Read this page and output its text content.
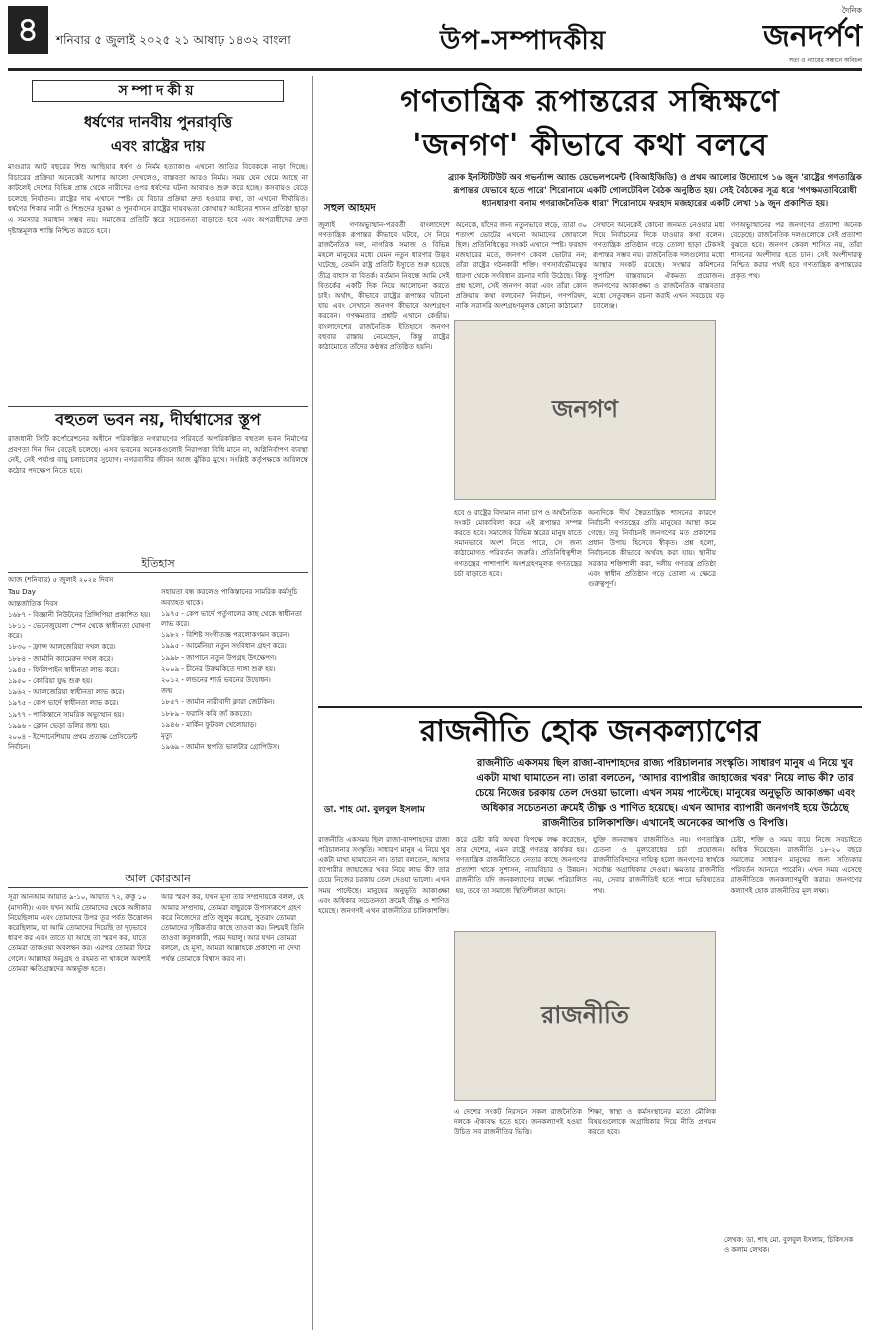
৪	শনিবার ৫ জুলাই ২০২৫ ২১ আষাঢ় ১৪৩২ বাংলা	উপ-সম্পাদকীয়
দৈনিক
জনদর্পণ
সত্য ও ন্যায়ের সন্ধানে অবিচল
সম্পাদকীয়
ধর্ষণের দানবীয় পুনরাবৃত্তি
এবং রাষ্ট্রের দায়
মাগুরার আট বছরের শিশু আছিয়ার ধর্ষণ ও নির্মম হত্যাকাণ্ড এখনো জাতির বিবেককে নাড়া দিচ্ছে। বিচারের প্রক্রিয়া অনেকেই আশার আলো দেখলেও, বাস্তবতা আরও নির্মম। সময় যেন থেমে আছে না কাটলেই দেশের বিভিন্ন প্রান্ত থেকে নারীদের ওপর ধর্ষণের ঘটনা আবারও শুরু করে হচ্ছে। কসবায়ও বেড়ে চলেছে নির্যাতন। রাষ্ট্রের দায় এখানে স্পষ্ট। যে বিচার প্রক্রিয়া দ্রুত হওয়ার কথা, তা এখনো দীর্ঘায়িত। ধর্ষণের শিকার নারী ও শিশুদের সুরক্ষা ও পুনর্বাসনে রাষ্ট্রের দায়বদ্ধতা কোথায়? আইনের শাসন প্রতিষ্ঠা ছাড়া এ সমস্যার সমাধান সম্ভব নয়। সমাজের প্রতিটি স্তরে সচেতনতা বাড়াতে হবে এবং অপরাধীদের দ্রুত দৃষ্টান্তমূলক শাস্তি নিশ্চিত করতে হবে।
বহুতল ভবন নয়, দীর্ঘশ্বাসের স্তূপ
রাজধানী সিটি কর্পোরেশনের অধীনে পরিকল্পিত নগরায়ণের পরিবর্তে অপরিকল্পিত বহুতল ভবন নির্মাণের প্রবণতা দিন দিন বেড়েই চলেছে। এসব ভবনের অনেকগুলোই নিরাপত্তা বিধি মানে না, অগ্নিনির্বাপণ ব্যবস্থা নেই, নেই পর্যাপ্ত বায়ু চলাচলের সুযোগ। নগরবাসীর জীবন আজ ঝুঁকির মুখে। সংশ্লিষ্ট কর্তৃপক্ষকে অবিলম্বে কঠোর পদক্ষেপ নিতে হবে।
ইতিহাস
আজ (শনিবার) ৫ জুলাই ২০২৫ দিবস
Tau Day
আন্তর্জাতিক দিবস
১৬৮৭ - বিজ্ঞানী নিউটনের প্রিন্সিপিয়া প্রকাশিত হয়।
১৮১১ - ভেনেজুয়েলা স্পেন থেকে স্বাধীনতা ঘোষণা করে।
১৮৩০ - ফ্রান্স আলজেরিয়া দখল করে।
১৮৮৪ - জার্মানি ক্যামেরুন দখল করে।
১৯৪৫ - ফিলিপাইন স্বাধীনতা লাভ করে।
১৯৫০ - কোরিয়া যুদ্ধ শুরু হয়।
১৯৬২ - আলজেরিয়া স্বাধীনতা লাভ করে।
১৯৭৫ - কেপ ভার্দে স্বাধীনতা লাভ করে।
১৯৭৭ - পাকিস্তানে সামরিক অভ্যুত্থান হয়।
১৯৯৬ - ক্লোন ভেড়া ডলির জন্ম হয়।
২০০৪ - ইন্দোনেশিয়ায় প্রথম প্রত্যক্ষ প্রেসিডেন্ট নির্বাচন।
সহায়তা বন্ধ করলেও পাকিস্তানের সামরিক কর্মসূচি অব্যাহত থাকে।
১৯৭৫ - কেপ ভার্দে পর্তুগালের কাছ থেকে স্বাধীনতা লাভ করে।
১৯৮২ - বিশিষ্ট সংগীতজ্ঞ পরলোকগমন করেন।
১৯৯৫ - আর্মেনিয়া নতুন সংবিধান গ্রহণ করে।
১৯৯৮ - জাপানে নতুন উপগ্রহ উৎক্ষেপণ।
২০০৯ - চীনের উরুমকিতে দাঙ্গা শুরু হয়।
২০১২ - লন্ডনের শার্ড ভবনের উদ্বোধন।
জন্ম
১৮৫৭ - জার্মান নারীবাদী ক্লারা জেটকিন।
১৮৮৯ - ফরাসি কবি জ্যঁ ককতো।
১৯৪৬ - মার্কিন ফুটবল খেলোয়াড়।
মৃত্যু
১৯৬৯ - জার্মান স্থপতি ভালটার গ্রোপিউস।
আল কোরআন
সূরা আনআম আয়াত ৯-১০, আয়াত ৭২, রুকু ১০ (মাদানী)। এবং যখন আমি তোমাদের থেকে অঙ্গীকার নিয়েছিলাম এবং তোমাদের উপর তূর পর্বত উত্তোলন করেছিলাম, যা আমি তোমাদের দিয়েছি তা দৃঢ়ভাবে ধারণ কর এবং তাতে যা আছে তা স্মরণ কর, যাতে তোমরা তাকওয়া অবলম্বন কর। এরপর তোমরা ফিরে গেলে। আল্লাহর অনুগ্রহ ও রহমত না থাকলে অবশ্যই তোমরা ক্ষতিগ্রস্তদের অন্তর্ভুক্ত হতে।
আর স্মরণ কর, যখন মূসা তার সম্প্রদায়কে বলল, হে আমার সম্প্রদায়, তোমরা বাছুরকে উপাস্যরূপে গ্রহণ করে নিজেদের প্রতি জুলুম করেছ, সুতরাং তোমরা তোমাদের সৃষ্টিকর্তার কাছে তাওবা কর। নিশ্চয়ই তিনি তাওবা কবুলকারী, পরম দয়ালু। আর যখন তোমরা বললে, হে মূসা, আমরা আল্লাহকে প্রকাশ্যে না দেখা পর্যন্ত তোমাকে বিশ্বাস করব না।
গণতান্ত্রিক রূপান্তরের সন্ধিক্ষণে
'জনগণ' কীভাবে কথা বলবে
সহুল আহমদ
ব্র্যাক ইনস্টিটিউট অব গভর্ন্যান্স অ্যান্ড ডেভেলপমেন্ট (বিআইজিডি) ও প্রথম আলোর উদ্যোগে ১৬ জুন 'রাষ্ট্রের গণতান্ত্রিক রূপান্তর যেভাবে হতে পারে' শিরোনামে একটি গোলটেবিল বৈঠক অনুষ্ঠিত হয়। সেই বৈঠকের সূত্র ধরে 'গণক্ষমতাবিরোধী ধ্যানধারণা বনাম গণরাজনৈতিক ধারা' শিরোনামে ফরহাদ মজহারের একটি লেখা ১৯ জুন প্রকাশিত হয়।
জুলাই গণঅভ্যুত্থান-পরবর্তী বাংলাদেশে গণতান্ত্রিক রূপান্তর কীভাবে ঘটবে, সে নিয়ে রাজনৈতিক দল, নাগরিক সমাজ ও বিভিন্ন মহলে মানুষের মধ্যে যেমন নতুন ধারণার উদ্ভব ঘটেছে, তেমনি রাষ্ট্র প্রতিটি ইস্যুতে শুরু হয়েছে তীব্র বাহাস বা বিতর্ক। বর্তমান নিবন্ধে আমি সেই বিতর্কের একটি দিক নিয়ে আলোচনা করতে চাই। অর্থাৎ, কীভাবে রাষ্ট্রের রূপান্তর ঘটানো যায় এবং সেখানে জনগণ কীভাবে অংশগ্রহণ করবেন। গণক্ষমতার প্রশ্নটি এখানে কেন্দ্রীয়। বাংলাদেশের রাজনৈতিক ইতিহাসে জনগণ বহুবার রাস্তায় নেমেছেন, কিন্তু রাষ্ট্রের কাঠামোতে তাঁদের কণ্ঠস্বর প্রতিষ্ঠিত হয়নি।
অনেকে, যাঁদের জন্য নতুনভাবে লড়ে, তারা ৩০ শতাংশ ভোটের এখনো আমাদের জোয়ালে ছিল। প্রতিনিধিত্বের সংকট এখানে স্পষ্ট। ফরহাদ মজহারের মতে, জনগণ কেবল ভোটার নন; তাঁরা রাষ্ট্রের গঠনকারী শক্তি। গণসার্বভৌমত্বের ধারণা থেকে সংবিধান রচনার দাবি উঠেছে। কিন্তু প্রশ্ন হলো, সেই জনগণ কারা এবং তাঁরা কোন প্রক্রিয়ায় কথা বলবেন? নির্বাচন, গণপরিষদ, নাকি সরাসরি অংশগ্রহণমূলক কোনো কাঠামো?
সেখানে অনেকেই কোনো জনমত নেওয়ার মধ্য দিয়ে নির্বাচনের দিকে যাওয়ার কথা বলেন। গণতান্ত্রিক প্রতিষ্ঠান গড়ে তোলা ছাড়া টেকসই রূপান্তর সম্ভব নয়। রাজনৈতিক দলগুলোর মধ্যে আস্থার সংকট রয়েছে। সংস্কার কমিশনের সুপারিশ বাস্তবায়নে ঐকমত্য প্রয়োজন। জনগণের আকাঙ্ক্ষা ও রাজনৈতিক বাস্তবতার মধ্যে সেতুবন্ধন রচনা করাই এখন সবচেয়ে বড় চ্যালেঞ্জ।
গণঅভ্যুত্থানের পর জনগণের প্রত্যাশা অনেক বেড়েছে। রাজনৈতিক দলগুলোকে সেই প্রত্যাশা বুঝতে হবে। জনগণ কেবল শাসিত নয়, তাঁরা শাসনের অংশীদার হতে চান। সেই অংশীদারত্ব নিশ্চিত করার পথই হবে গণতান্ত্রিক রূপান্তরের প্রকৃত পথ।
জনগণ
হবে ও রাষ্ট্রের বিদ্যমান নানা চাপ ও অর্থনৈতিক সংকট মোকাবিলা করে এই রূপান্তর সম্পন্ন করতে হবে। সমাজের বিভিন্ন স্তরের মানুষ যাতে সমানভাবে অংশ নিতে পারে, সে জন্য কাঠামোগত পরিবর্তন জরুরি। প্রতিনিধিত্বশীল গণতন্ত্রের পাশাপাশি অংশগ্রহণমূলক গণতন্ত্রের চর্চা বাড়াতে হবে।
অন্যদিকে দীর্ঘ স্বৈরতান্ত্রিক শাসনের কারণে নির্বাচনী গণতন্ত্রের প্রতি মানুষের আস্থা কমে গেছে। তবু নির্বাচনই জনগণের মত প্রকাশের প্রধান উপায় হিসেবে স্বীকৃত। প্রশ্ন হলো, নির্বাচনকে কীভাবে অর্থবহ করা যায়। স্থানীয় সরকার শক্তিশালী করা, দলীয় গণতন্ত্র প্রতিষ্ঠা এবং স্বাধীন প্রতিষ্ঠান গড়ে তোলা এ ক্ষেত্রে গুরুত্বপূর্ণ।
রাজনীতি হোক জনকল্যাণের
ডা. শাহ মো. বুলবুল ইসলাম
রাজনীতি একসময় ছিল রাজা-বাদশাহদের রাজ্য পরিচালনার সংস্কৃতি। সাধারণ মানুষ এ নিয়ে খুব একটা মাথা ঘামাতেন না। তারা বলতেন, 'আদার ব্যাপারীর জাহাজের খবর' নিয়ে লাভ কী? তার চেয়ে নিজের চরকায় তেল দেওয়া ভালো। এখন সময় পাল্টেছে। মানুষের অনুভূতি আকাঙ্ক্ষা এবং অধিকার সচেতনতা ক্রমেই তীক্ষ্ণ ও শাণিত হয়েছে। এখন আদার ব্যাপারী জনগণই হয়ে উঠেছে রাজনীতির চালিকাশক্তি। এখানেই অনেকের আপত্তি ও বিপত্তি।
রাজনীতি একসময় ছিল রাজা-বাদশাহদের রাজ্য পরিচালনার সংস্কৃতি। সাধারণ মানুষ এ নিয়ে খুব একটা মাথা ঘামাতেন না। তারা বলতেন, আদার ব্যাপারীর জাহাজের খবর নিয়ে লাভ কী? তার চেয়ে নিজের চরকায় তেল দেওয়া ভালো। এখন সময় পাল্টেছে। মানুষের অনুভূতি আকাঙ্ক্ষা এবং অধিকার সচেতনতা ক্রমেই তীক্ষ্ণ ও শাণিত হয়েছে। জনগণই এখন রাজনীতির চালিকাশক্তি।
করে চেষ্টা করি অথবা বিপক্ষে লক্ষ করেছেন, তার দেশের, এমন রাষ্ট্রে গণতন্ত্র কার্যকর হয়। গণতান্ত্রিক রাজনীতিতে নেতার কাছে জনগণের প্রত্যাশা থাকে সুশাসন, ন্যায়বিচার ও উন্নয়ন। রাজনীতি যদি জনকল্যাণের লক্ষ্যে পরিচালিত হয়, তবে তা সমাজে স্থিতিশীলতা আনে।
যুক্তি জনবান্ধব রাজনীতিও নয়। গণতান্ত্রিক চেতনা ও মূল্যবোধের চর্চা প্রয়োজন। রাজনীতিবিদদের দায়িত্ব হলো জনগণের স্বার্থকে সর্বোচ্চ অগ্রাধিকার দেওয়া। ক্ষমতার রাজনীতি নয়, সেবার রাজনীতিই হতে পারে ভবিষ্যতের পথ।
চেষ্টা, শক্তি ও সময় ব্যয়ে নিজে সবচাইতে অধিক দিয়েছেন। রাজনীতি ১৮-২০ বছরে সমাজের সাধারণ মানুষের জন্য সত্যিকার পরিবর্তন আনতে পারেনি। এখন সময় এসেছে রাজনীতিকে জনকল্যাণমুখী করার। জনগণের কল্যাণই হোক রাজনীতির মূল লক্ষ্য।
রাজনীতি
এ দেশের সংকট নিরসনে সকল রাজনৈতিক দলকে ঐক্যবদ্ধ হতে হবে। জনকল্যাণই হওয়া উচিত সব রাজনীতির ভিত্তি।
শিক্ষা, স্বাস্থ্য ও কর্মসংস্থানের মতো মৌলিক বিষয়গুলোকে অগ্রাধিকার দিয়ে নীতি প্রণয়ন করতে হবে।
লেখক: ডা. শাহ মো. বুলবুল ইসলাম, চিকিৎসক ও কলাম লেখক।
